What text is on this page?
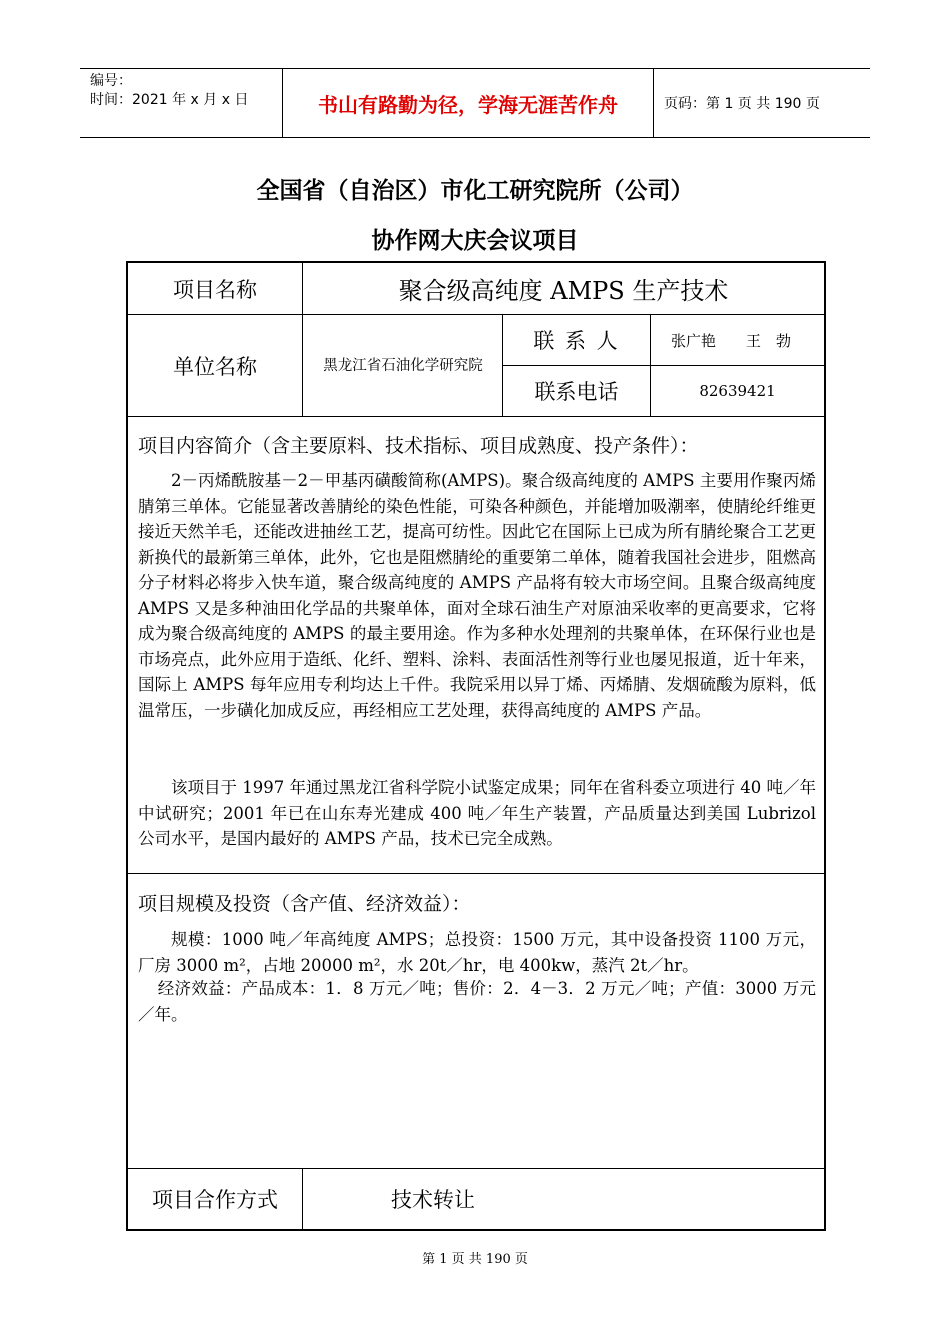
编号：
时间：2021 年 x 月 x 日	书山有路勤为径，学海无涯苦作舟	页码：第 1 页 共 190 页
全国省（自治区）市化工研究院所（公司）
协作网大庆会议项目
项目名称	聚合级高纯度 AMPS 生产技术
单位名称	黑龙江省石油化学研究院
联 系 人	张广艳　　王　勃
联系电话	82639421
项目内容简介（含主要原料、技术指标、项目成熟度、投产条件）：
2－丙烯酰胺基－2－甲基丙磺酸简称(AMPS)。聚合级高纯度的 AMPS 主要用作聚丙烯腈第三单体。它能显著改善腈纶的染色性能，可染各种颜色，并能增加吸潮率，使腈纶纤维更接近天然羊毛，还能改进抽丝工艺，提高可纺性。因此它在国际上已成为所有腈纶聚合工艺更新换代的最新第三单体，此外，它也是阻燃腈纶的重要第二单体，随着我国社会进步，阻燃高分子材料必将步入快车道，聚合级高纯度的 AMPS 产品将有较大市场空间。且聚合级高纯度 AMPS 又是多种油田化学品的共聚单体，面对全球石油生产对原油采收率的更高要求，它将成为聚合级高纯度的 AMPS 的最主要用途。作为多种水处理剂的共聚单体，在环保行业也是市场亮点，此外应用于造纸、化纤、塑料、涂料、表面活性剂等行业也屡见报道，近十年来，国际上 AMPS 每年应用专利均达上千件。我院采用以异丁烯、丙烯腈、发烟硫酸为原料，低温常压，一步磺化加成反应，再经相应工艺处理，获得高纯度的 AMPS 产品。
该项目于 1997 年通过黑龙江省科学院小试鉴定成果；同年在省科委立项进行 40 吨／年中试研究；2001 年已在山东寿光建成 400 吨／年生产装置，产品质量达到美国 Lubrizol 公司水平，是国内最好的 AMPS 产品，技术已完全成熟。
项目规模及投资（含产值、经济效益）：
规模：1000 吨／年高纯度 AMPS；总投资：1500 万元，其中设备投资 1100 万元，厂房 3000 m²，占地 20000 m²，水 20t／hr，电 400kw，蒸汽 2t／hr。
经济效益：产品成本：1．8 万元／吨；售价：2．4－3．2 万元／吨；产值：3000 万元／年。
项目合作方式	技术转让
第 1 页 共 190 页
